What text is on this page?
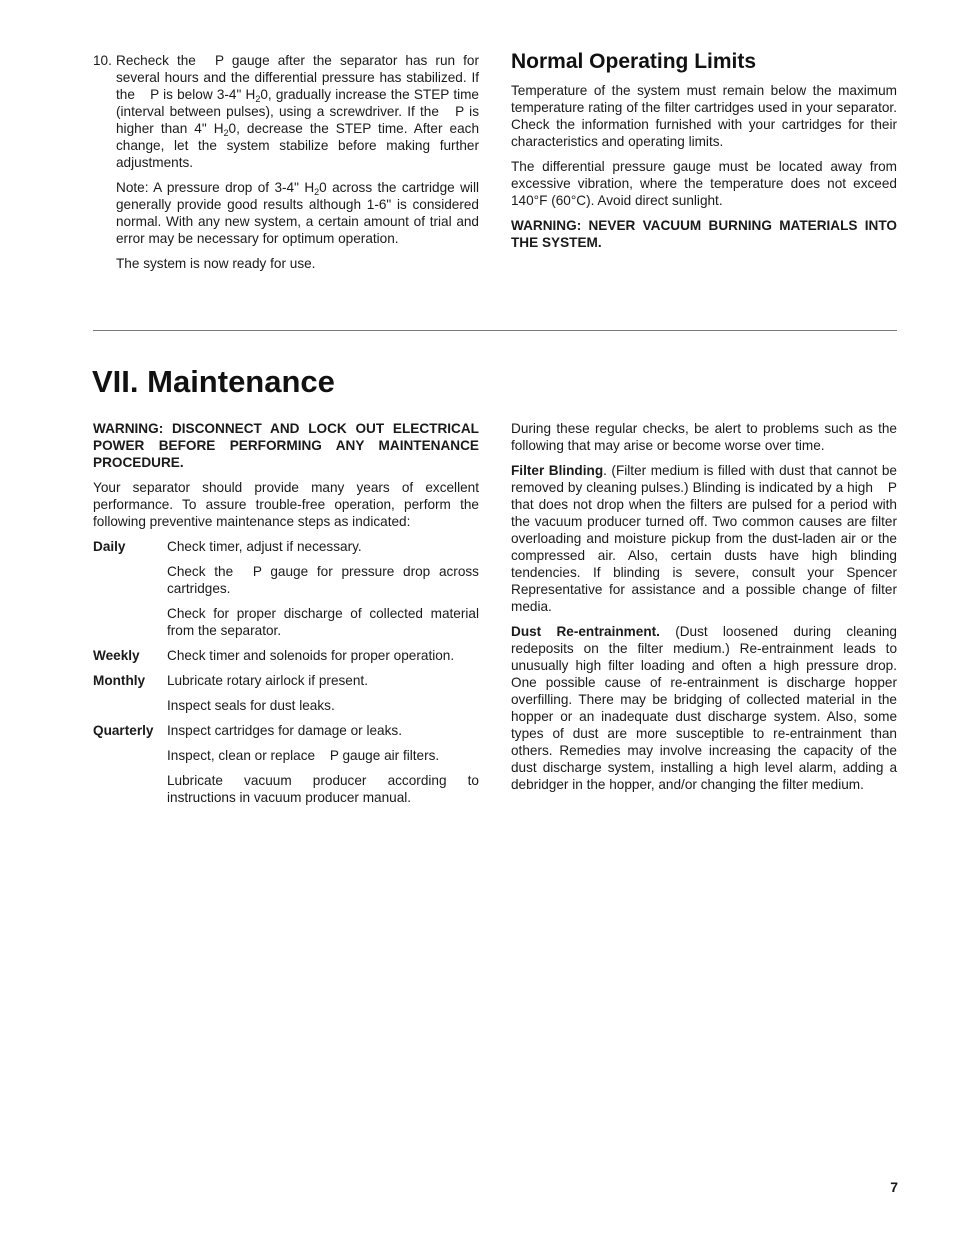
10. Recheck the P gauge after the separator has run for several hours and the differential pressure has stabilized. If the P is below 3-4" $H_20$, gradually increase the STEP time (interval between pulses), using a screwdriver. If the P is higher than 4" $H_20$, decrease the STEP time. After each change, let the system stabilize before making further adjustments.

Note: A pressure drop of 3-4" $H_20$ across the cartridge will generally provide good results although 1-6" is considered normal. With any new system, a certain amount of trial and error may be necessary for optimum operation.

The system is now ready for use.

Normal Operating Limits

Temperature of the system must remain below the maximum temperature rating of the filter cartridges used in your separator. Check the information furnished with your cartridges for their characteristics and operating limits.

The differential pressure gauge must be located away from excessive vibration, where the temperature does not exceed 140°F (60°C). Avoid direct sunlight.

WARNING: NEVER VACUUM BURNING MATERIALS INTO THE SYSTEM.

VII. Maintenance

WARNING: DISCONNECT AND LOCK OUT ELECTRICAL POWER BEFORE PERFORMING ANY MAINTENANCE PROCEDURE.

Your separator should provide many years of excellent performance. To assure trouble-free operation, perform the following preventive maintenance steps as indicated:

Daily	Check timer, adjust if necessary.

Check the P gauge for pressure drop across cartridges.

Check for proper discharge of collected material from the separator.

Weekly Check timer and solenoids for proper operation.

Monthly Lubricate rotary airlock if present.

Inspect seals for dust leaks.

Quarterly Inspect cartridges for damage or leaks.

Inspect, clean or replace P gauge air filters.

Lubricate vacuum producer according to instructions in vacuum producer manual.

During these regular checks, be alert to problems such as the following that may arise or become worse over time.

Filter Blinding. (Filter medium is filled with dust that cannot be removed by cleaning pulses.) Blinding is indicated by a high P that does not drop when the filters are pulsed for a period with the vacuum producer turned off. Two common causes are filter overloading and moisture pickup from the dust-laden air or the compressed air. Also, certain dusts have high blinding tendencies. If blinding is severe, consult your Spencer Representative for assistance and a possible change of filter media.

Dust Re-entrainment. (Dust loosened during cleaning redeposits on the filter medium.) Re-entrainment leads to unusually high filter loading and often a high pressure drop. One possible cause of re-entrainment is discharge hopper overfilling. There may be bridging of collected material in the hopper or an inadequate dust discharge system. Also, some types of dust are more susceptible to re-entrainment than others. Remedies may involve increasing the capacity of the dust discharge system, installing a high level alarm, adding a debridger in the hopper, and/or changing the filter medium.

7
